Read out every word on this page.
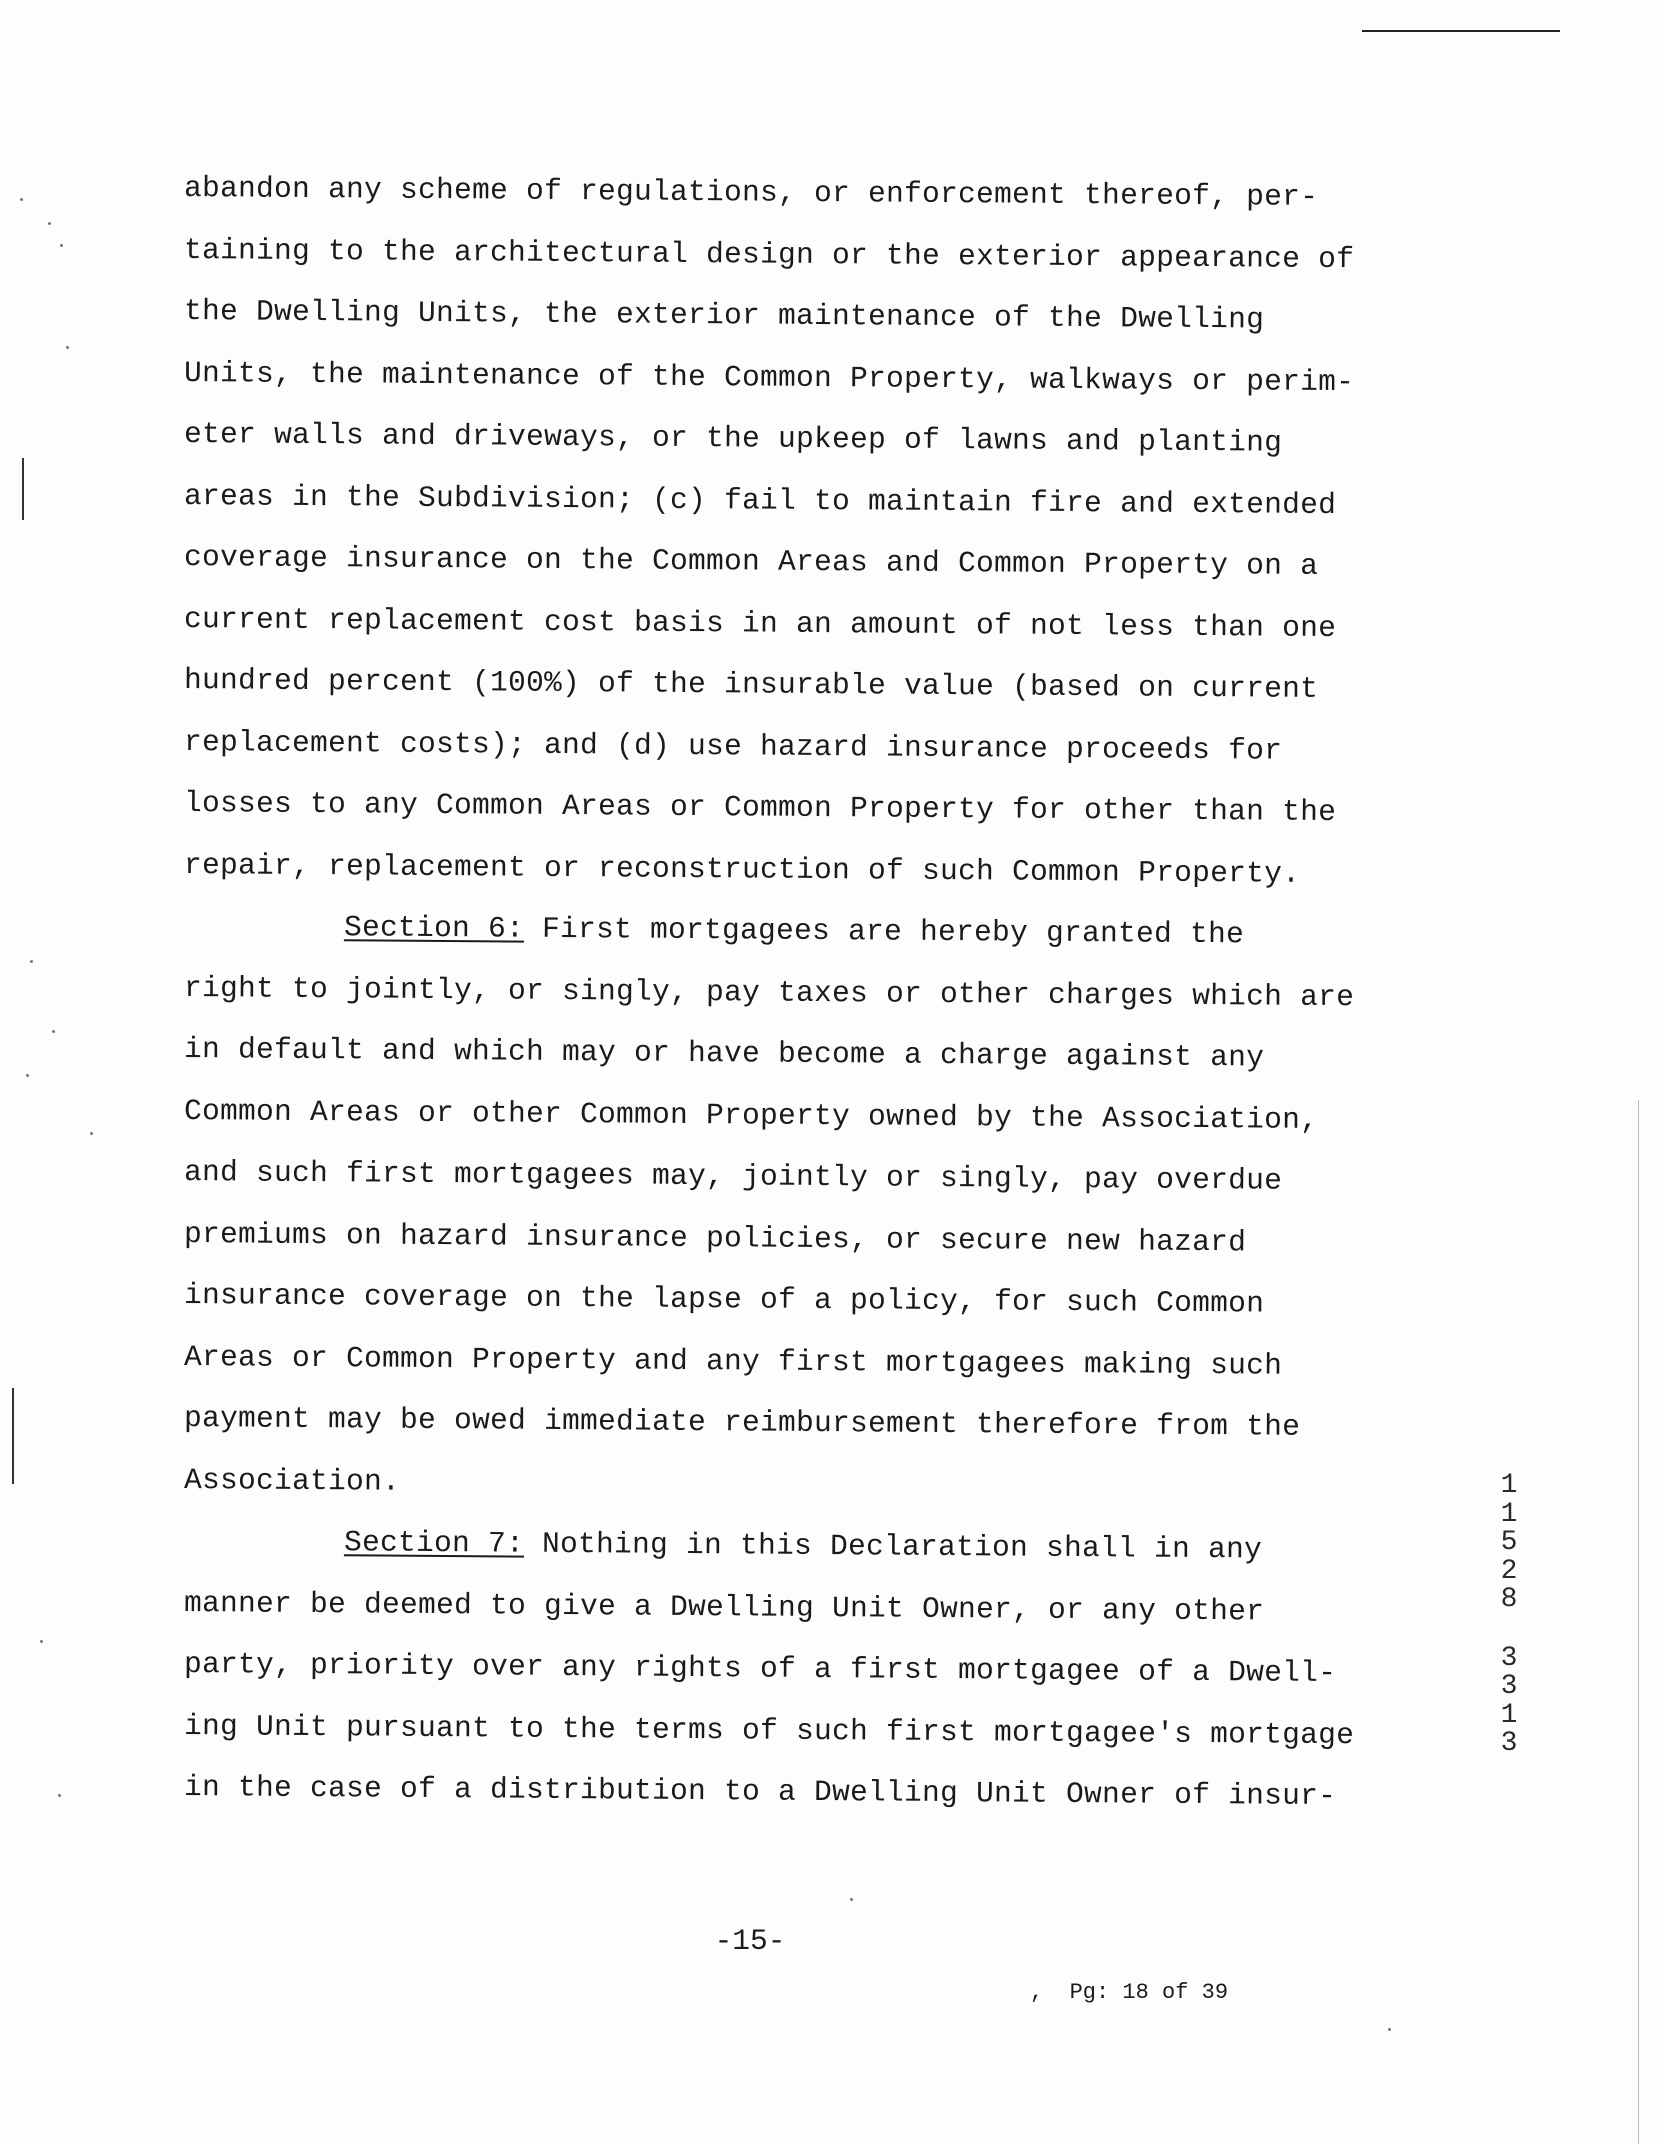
abandon any scheme of regulations, or enforcement thereof, per-
taining to the architectural design or the exterior appearance of
the Dwelling Units, the exterior maintenance of the Dwelling
Units, the maintenance of the Common Property, walkways or perim-
eter walls and driveways, or the upkeep of lawns and planting
areas in the Subdivision; (c) fail to maintain fire and extended
coverage insurance on the Common Areas and Common Property on a
current replacement cost basis in an amount of not less than one
hundred percent (100%) of the insurable value (based on current
replacement costs); and (d) use hazard insurance proceeds for
losses to any Common Areas or Common Property for other than the
repair, replacement or reconstruction of such Common Property.
Section 6: First mortgagees are hereby granted the
right to jointly, or singly, pay taxes or other charges which are
in default and which may or have become a charge against any
Common Areas or other Common Property owned by the Association,
and such first mortgagees may, jointly or singly, pay overdue
premiums on hazard insurance policies, or secure new hazard
insurance coverage on the lapse of a policy, for such Common
Areas or Common Property and any first mortgagees making such
payment may be owed immediate reimbursement therefore from the
Association.
Section 7: Nothing in this Declaration shall in any
manner be deemed to give a Dwelling Unit Owner, or any other
party, priority over any rights of a first mortgagee of a Dwell-
ing Unit pursuant to the terms of such first mortgagee's mortgage
in the case of a distribution to a Dwelling Unit Owner of insur-
1
1
5
2
8
3
3
1
3
-15-
,  Pg: 18 of 39
